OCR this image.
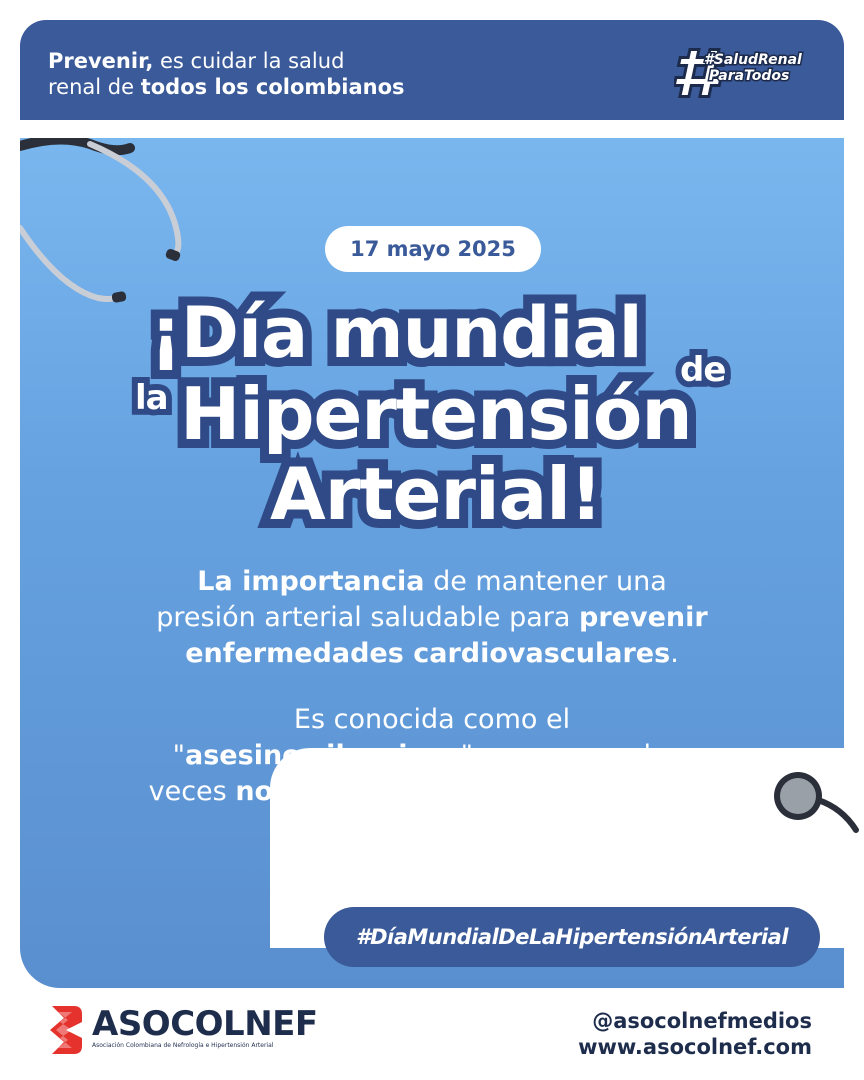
Prevenir, es cuidar la salud
renal de todos los colombianos

#SaludRenal
ParaTodos
17 mayo 2025
¡Día mundial de
la Hipertensión
Arterial!

La importancia de mantener una
presión arterial saludable para prevenir
enfermedades cardiovasculares.

Es conocida como el
"asesino silencioso" porque muchas
veces no presenta síntomas evidentes.

#DíaMundialDeLaHipertensiónArterial
ASOCOLNEF
Asociación Colombiana de Nefrología e Hipertensión Arterial
@asocolnefmedios
www.asocolnef.com
